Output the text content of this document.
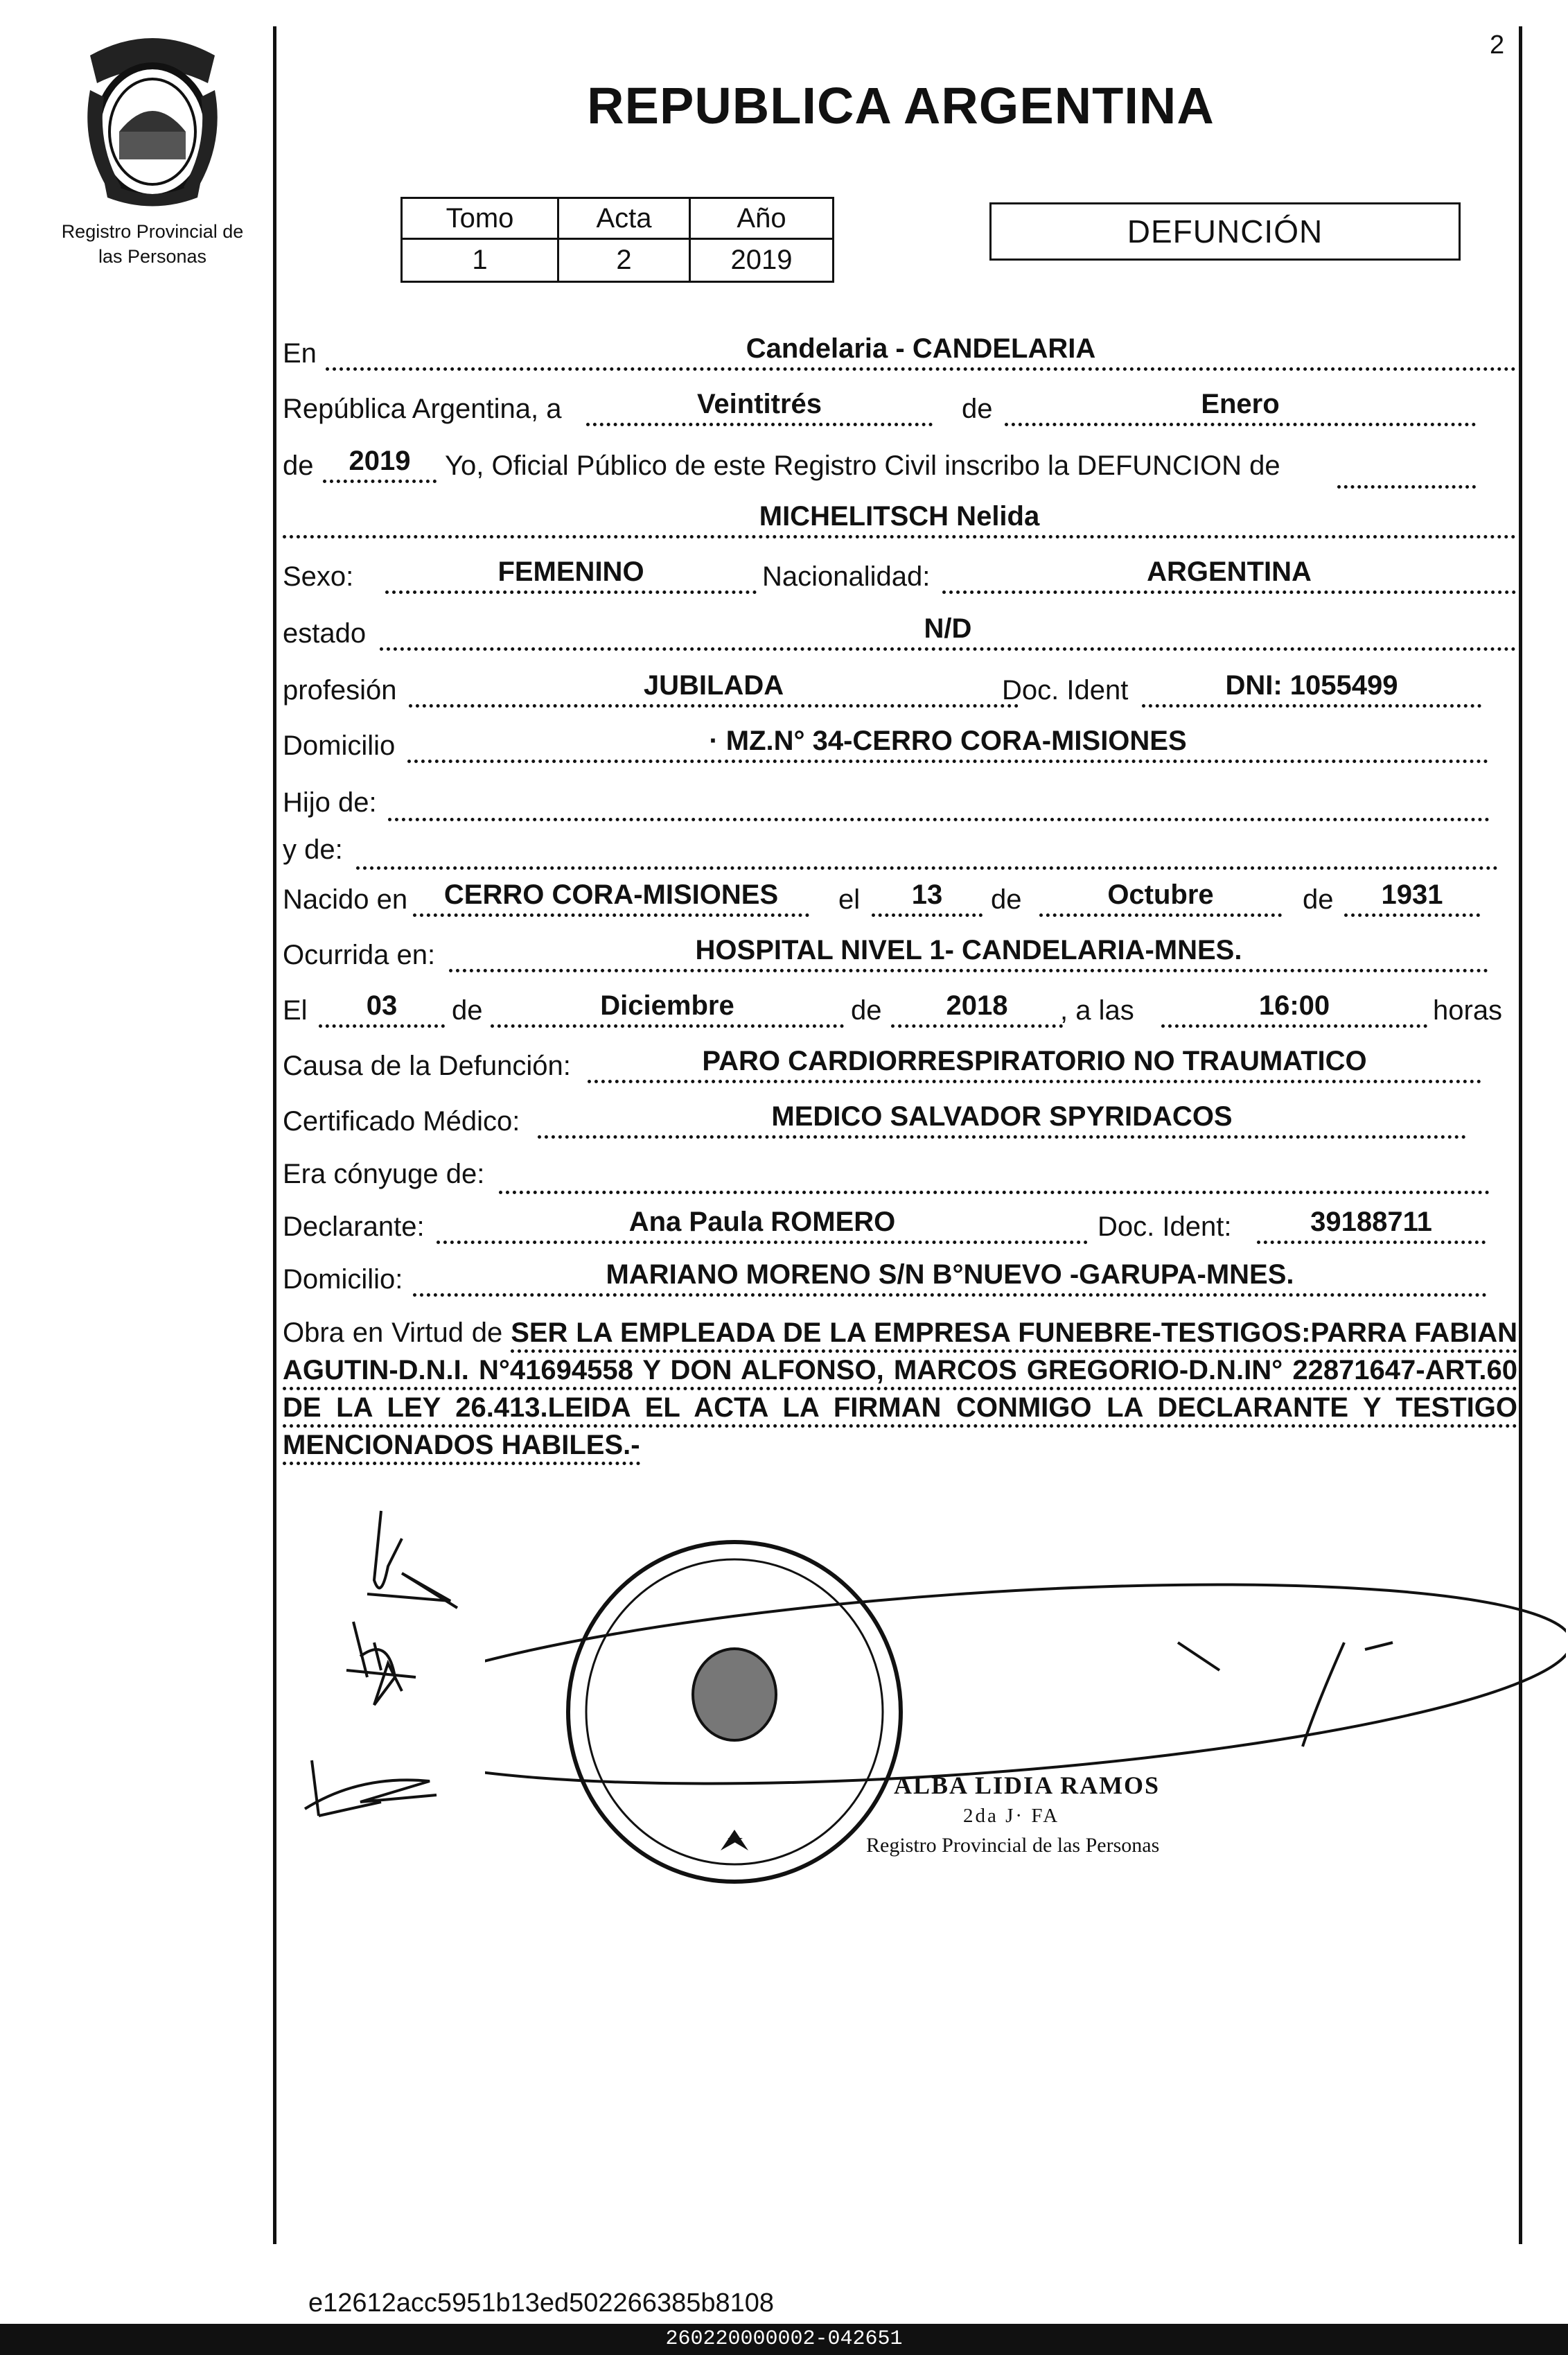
Registro Provincial de
las Personas
2
REPUBLICA ARGENTINA
Tomo	Acta	Año
1	2	2019
DEFUNCIÓN
En	Candelaria - CANDELARIA
República Argentina, a	Veintitrés	de	Enero
de	2019	Yo, Oficial Público de este Registro Civil inscribo la DEFUNCION de
MICHELITSCH Nelida
Sexo:	FEMENINO	Nacionalidad:	ARGENTINA
estado	N/D
profesión	JUBILADA	Doc. Ident	DNI: 1055499
Domicilio	· MZ.N° 34-CERRO CORA-MISIONES
Hijo de:
y de:
Nacido en	CERRO CORA-MISIONES	el	13	de	Octubre	de	1931
Ocurrida en:	HOSPITAL NIVEL 1- CANDELARIA-MNES.
El	03	de	Diciembre	de	2018	, a las	16:00	horas
Causa de la Defunción:	PARO CARDIORRESPIRATORIO NO TRAUMATICO
Certificado Médico:	MEDICO SALVADOR SPYRIDACOS
Era cónyuge de:
Declarante:	Ana Paula ROMERO	Doc. Ident:	39188711
Domicilio:	MARIANO MORENO S/N B°NUEVO -GARUPA-MNES.
Obra en Virtud de SER LA EMPLEADA DE LA EMPRESA FUNEBRE-TESTIGOS:PARRA FABIAN AGUTIN-D.N.I. N°41694558 Y DON ALFONSO, MARCOS GREGORIO-D.N.IN° 22871647-ART.60 DE LA LEY 26.413.LEIDA EL ACTA LA FIRMAN CONMIGO LA DECLARANTE Y TESTIGO MENCIONADOS HABILES.-
ALBA LIDIA RAMOS
2da J· FA
Registro Provincial de las Personas
e12612acc5951b13ed502266385b8108
260220000002-042651
